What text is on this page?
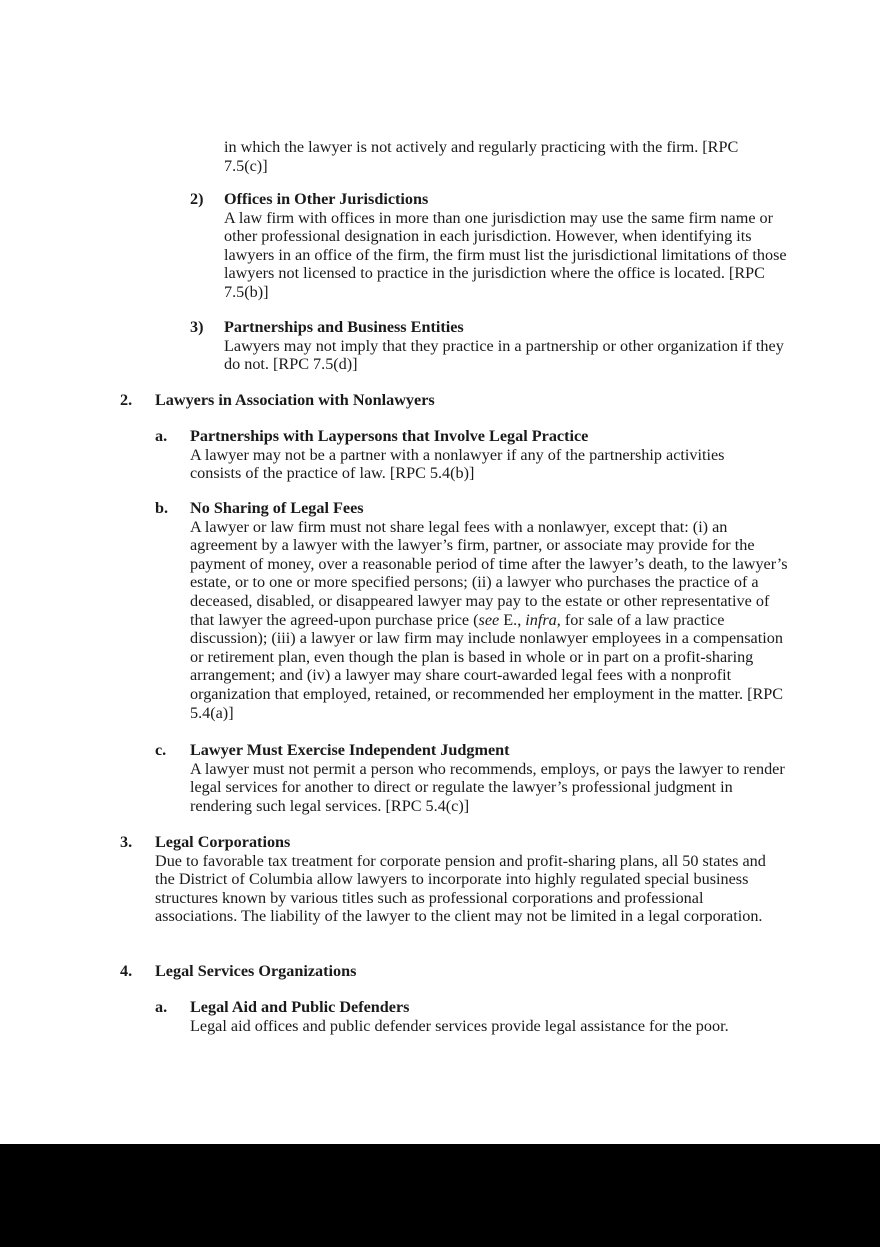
in which the lawyer is not actively and regularly practicing with the firm. [RPC 7.5(c)]

2) Offices in Other Jurisdictions

A law firm with offices in more than one jurisdiction may use the same firm name or other professional designation in each jurisdiction. However, when identifying its lawyers in an office of the firm, the firm must list the jurisdictional limitations of those lawyers not licensed to practice in the jurisdiction where the office is located. [RPC 7.5(b)]

3) Partnerships and Business Entities

Lawyers may not imply that they practice in a partnership or other organization if they do not. [RPC 7.5(d)]

2. Lawyers in Association with Nonlawyers

a. Partnerships with Laypersons that Involve Legal Practice

A lawyer may not be a partner with a nonlawyer if any of the partnership activities consists of the practice of law. [RPC 5.4(b)]

b. No Sharing of Legal Fees

A lawyer or law firm must not share legal fees with a nonlawyer, except that: (i) an agreement by a lawyer with the lawyer’s firm, partner, or associate may provide for the payment of money, over a reasonable period of time after the lawyer’s death, to the lawyer’s estate, or to one or more specified persons; (ii) a lawyer who purchases the practice of a deceased, disabled, or disappeared lawyer may pay to the estate or other representative of that lawyer the agreed-upon purchase price (see E., infra, for sale of a law practice discussion); (iii) a lawyer or law firm may include nonlawyer employees in a compensation or retirement plan, even though the plan is based in whole or in part on a profit-sharing arrangement; and (iv) a lawyer may share court-awarded legal fees with a nonprofit organization that employed, retained, or recommended her employment in the matter. [RPC 5.4(a)]

c. Lawyer Must Exercise Independent Judgment

A lawyer must not permit a person who recommends, employs, or pays the lawyer to render legal services for another to direct or regulate the lawyer’s professional judgment in rendering such legal services. [RPC 5.4(c)]

3. Legal Corporations

Due to favorable tax treatment for corporate pension and profit-sharing plans, all 50 states and the District of Columbia allow lawyers to incorporate into highly regulated special business structures known by various titles such as professional corporations and professional associations. The liability of the lawyer to the client may not be limited in a legal corporation.

4. Legal Services Organizations

a. Legal Aid and Public Defenders

Legal aid offices and public defender services provide legal assistance for the poor.
